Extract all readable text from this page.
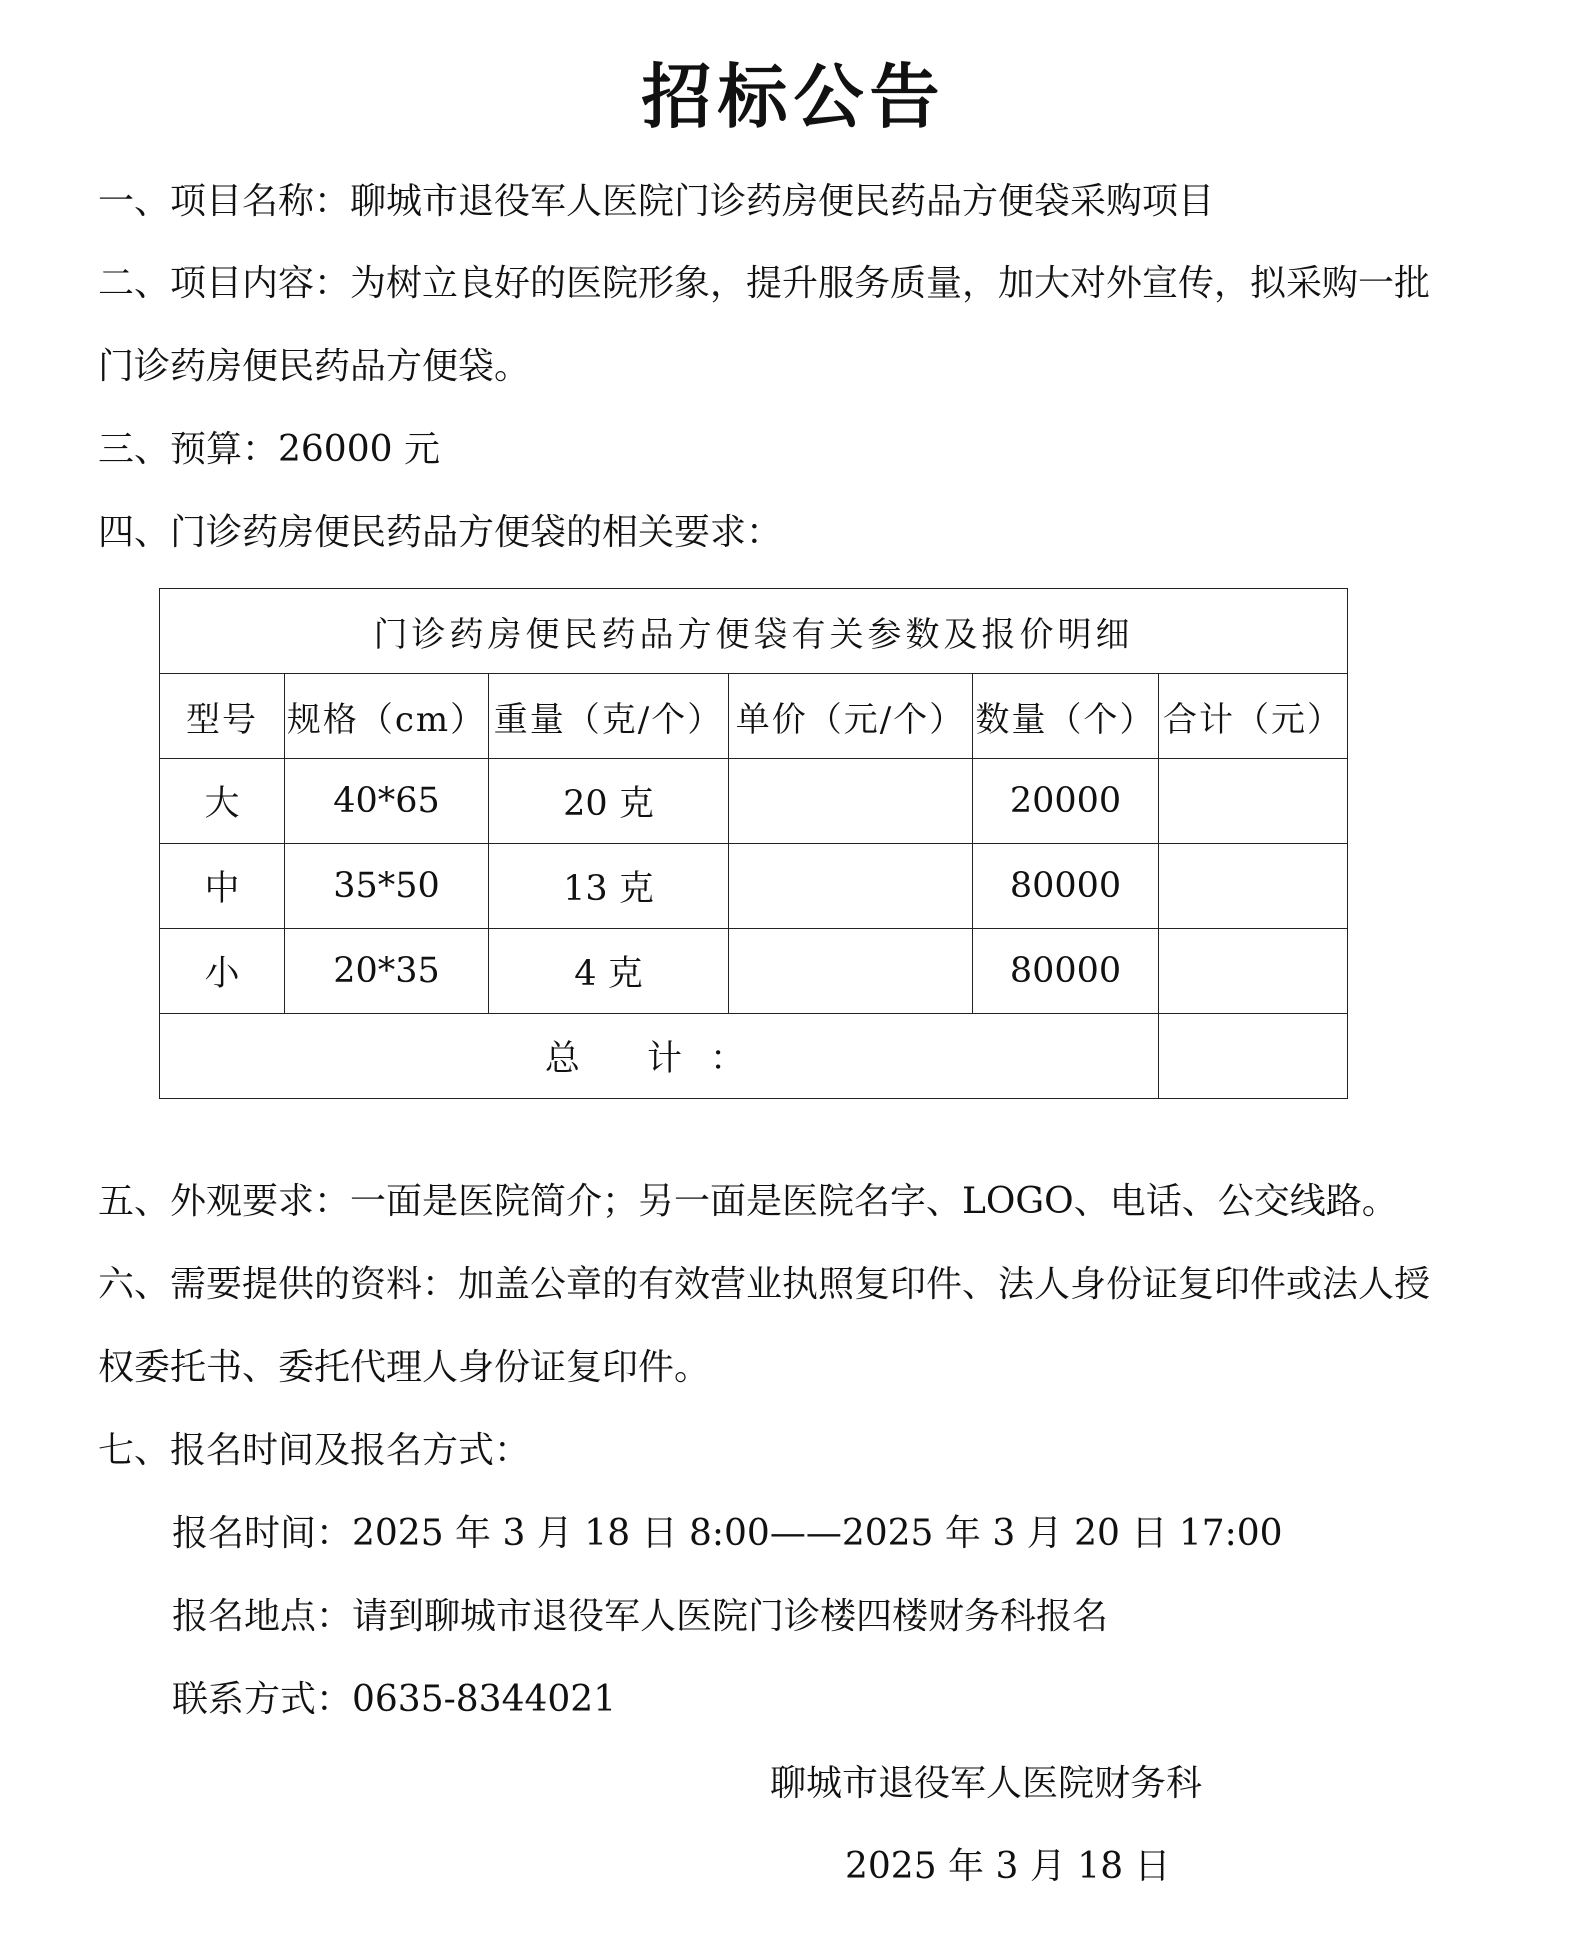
招标公告
一、项目名称：聊城市退役军人医院门诊药房便民药品方便袋采购项目
二、项目内容：为树立良好的医院形象，提升服务质量，加大对外宣传，拟采购一批
门诊药房便民药品方便袋。
三、预算：26000 元
四、门诊药房便民药品方便袋的相关要求：
门诊药房便民药品方便袋有关参数及报价明细					
型号	规格（cm）	重量（克/个）	单价（元/个）	数量（个）	合计（元）
大	40*65	20 克		20000	
中	35*50	13 克		80000	
小	20*35	4 克		80000	
总 计：					
五、外观要求：一面是医院简介；另一面是医院名字、LOGO、电话、公交线路。
六、需要提供的资料：加盖公章的有效营业执照复印件、法人身份证复印件或法人授
权委托书、委托代理人身份证复印件。
七、报名时间及报名方式：
报名时间：2025 年 3 月 18 日 8:00——2025 年 3 月 20 日 17:00
报名地点：请到聊城市退役军人医院门诊楼四楼财务科报名
联系方式：0635-8344021
聊城市退役军人医院财务科
2025 年 3 月 18 日
